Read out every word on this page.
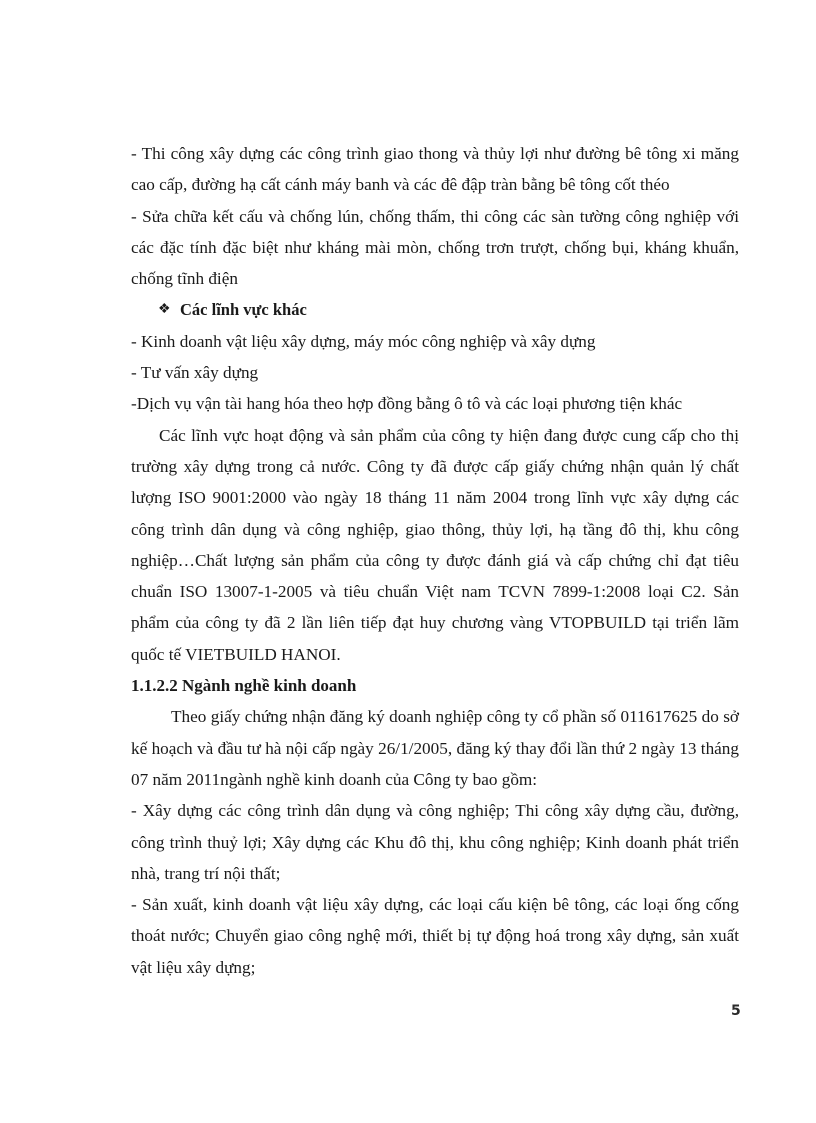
- Thi công xây dựng các công trình giao thong và thủy lợi như đường bê tông xi măng cao cấp, đường hạ cất cánh máy banh và các đê đập tràn bằng bê tông cốt théo

- Sửa chữa kết cấu và chống lún, chống thấm, thi công các sàn tường công nghiệp với các đặc tính đặc biệt như kháng mài mòn, chống trơn trượt, chống bụi, kháng khuẩn, chống tĩnh điện

❖ Các lĩnh vực khác

- Kinh doanh vật liệu xây dựng, máy móc công nghiệp và xây dựng

- Tư vấn xây dựng

-Dịch vụ vận tài hang hóa theo hợp đồng bằng ô tô và các loại phương tiện khác

Các lĩnh vực hoạt động và sản phẩm của công ty hiện đang được cung cấp cho thị trường xây dựng trong cả nước. Công ty đã được cấp giấy chứng nhận quản lý chất lượng ISO 9001:2000 vào ngày 18 tháng 11 năm 2004 trong lĩnh vực xây dựng các công trình dân dụng và công nghiệp, giao thông, thủy lợi, hạ tầng đô thị, khu công nghiệp…Chất lượng sản phẩm của công ty được đánh giá và cấp chứng chỉ đạt tiêu chuẩn ISO 13007-1-2005 và tiêu chuẩn Việt nam TCVN 7899-1:2008 loại C2. Sản phẩm của công ty đã 2 lần liên tiếp đạt huy chương vàng VTOPBUILD tại triển lãm quốc tế VIETBUILD HANOI.

1.1.2.2 Ngành nghề kinh doanh

Theo giấy chứng nhận đăng ký doanh nghiệp công ty cổ phần số 011617625 do sở kế hoạch và đầu tư hà nội cấp ngày 26/1/2005, đăng ký thay đổi lần thứ 2 ngày 13 tháng 07 năm 2011ngành nghề kinh doanh của Công ty bao gồm:

- Xây dựng các công trình dân dụng và công nghiệp; Thi công xây dựng cầu, đường, công trình thuỷ lợi; Xây dựng các Khu đô thị, khu công nghiệp; Kinh doanh phát triển nhà, trang trí nội thất;

- Sản xuất, kinh doanh vật liệu xây dựng, các loại cấu kiện bê tông, các loại ống cống thoát nước; Chuyển giao công nghệ mới, thiết bị tự động hoá trong xây dựng, sản xuất vật liệu xây dựng;

5
